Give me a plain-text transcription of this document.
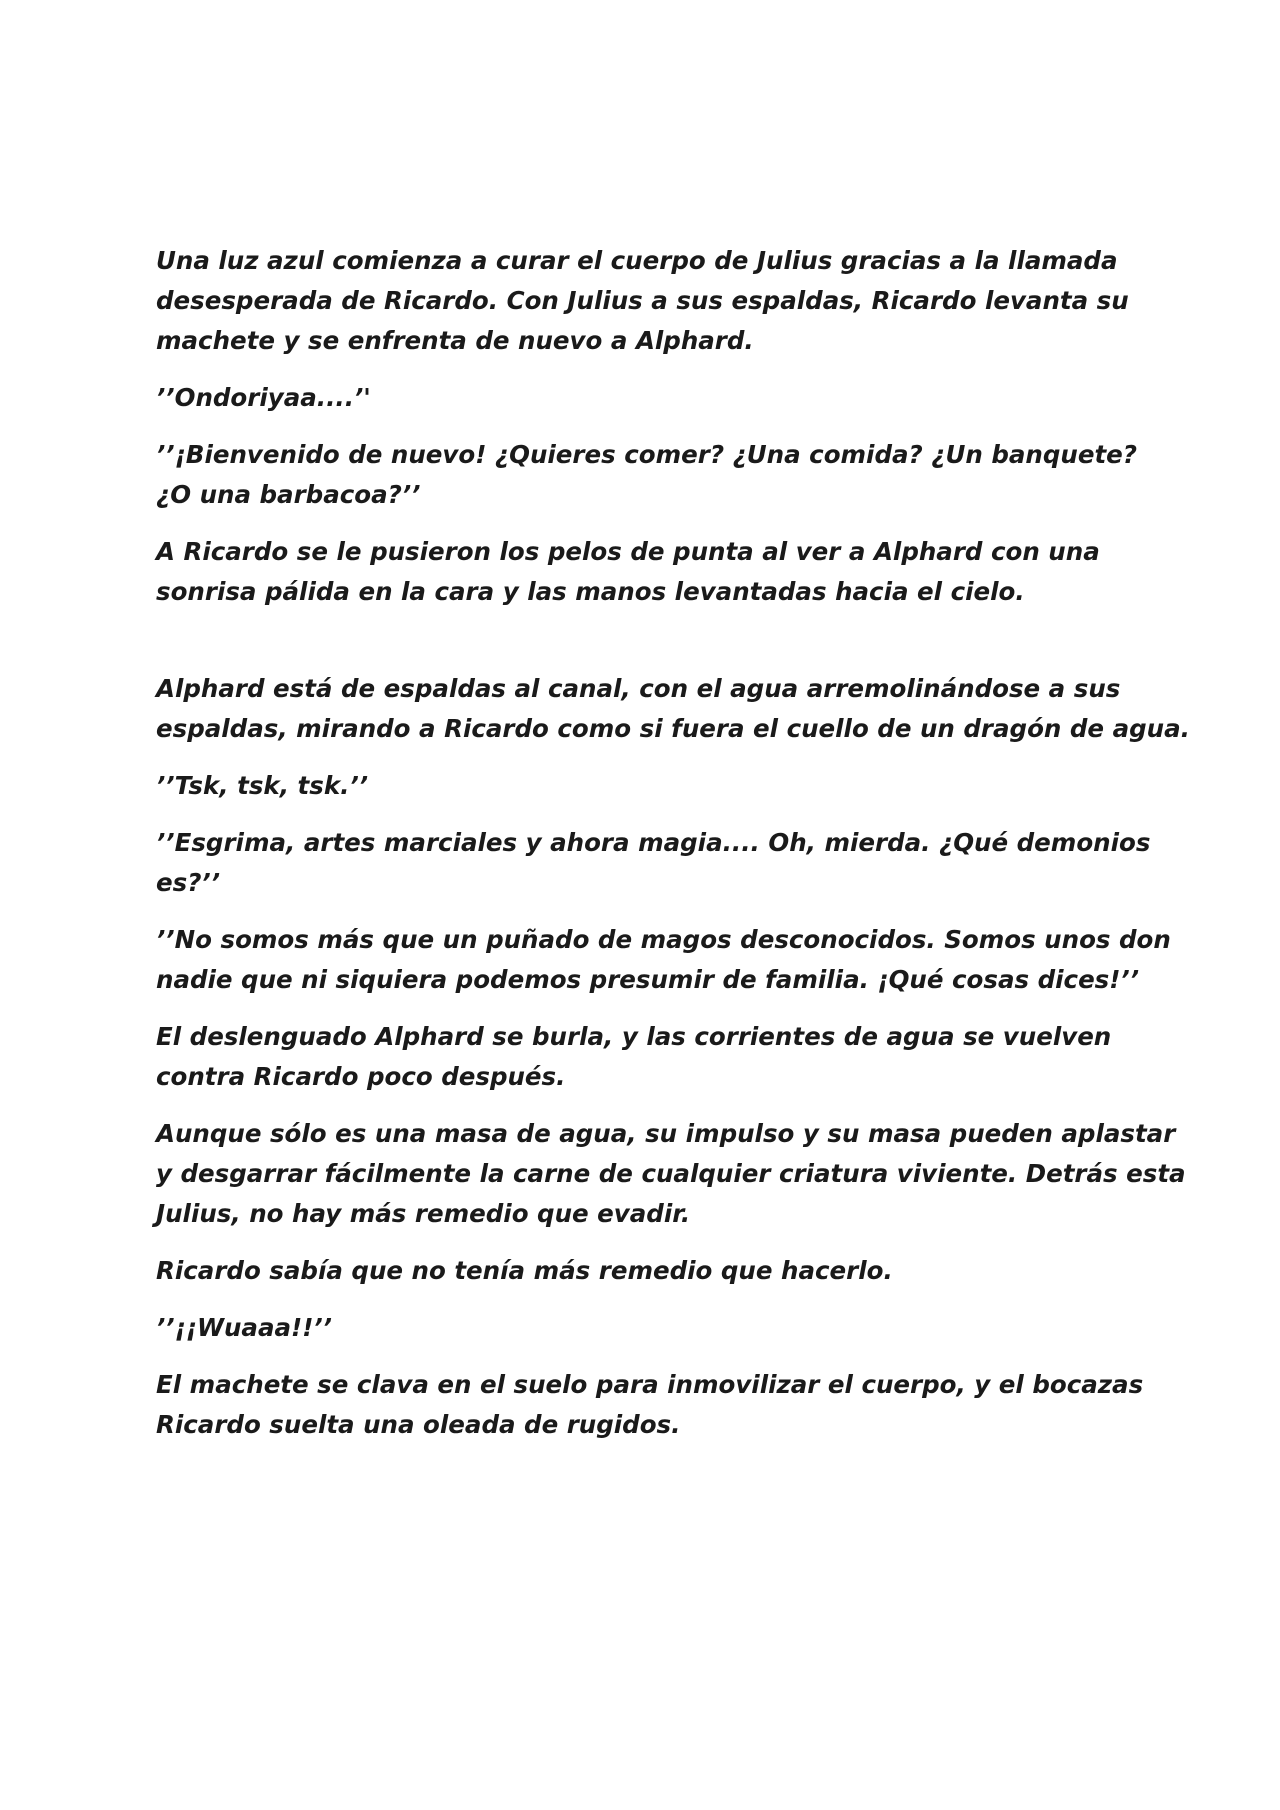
Una luz azul comienza a curar el cuerpo de Julius gracias a la llamada
desesperada de Ricardo. Con Julius a sus espaldas, Ricardo levanta su
machete y se enfrenta de nuevo a Alphard.

’’Ondoriyaa....’'

’’¡Bienvenido de nuevo! ¿Quieres comer? ¿Una comida? ¿Un banquete?
¿O una barbacoa?’’

A Ricardo se le pusieron los pelos de punta al ver a Alphard con una
sonrisa pálida en la cara y las manos levantadas hacia el cielo.

Alphard está de espaldas al canal, con el agua arremolinándose a sus
espaldas, mirando a Ricardo como si fuera el cuello de un dragón de agua.

’’Tsk, tsk, tsk.’’

’’Esgrima, artes marciales y ahora magia.... Oh, mierda. ¿Qué demonios
es?’’

’’No somos más que un puñado de magos desconocidos. Somos unos don
nadie que ni siquiera podemos presumir de familia. ¡Qué cosas dices!’’

El deslenguado Alphard se burla, y las corrientes de agua se vuelven
contra Ricardo poco después.

Aunque sólo es una masa de agua, su impulso y su masa pueden aplastar
y desgarrar fácilmente la carne de cualquier criatura viviente. Detrás esta
Julius, no hay más remedio que evadir.

Ricardo sabía que no tenía más remedio que hacerlo.

’’¡¡Wuaaa!!’’

El machete se clava en el suelo para inmovilizar el cuerpo, y el bocazas
Ricardo suelta una oleada de rugidos.
